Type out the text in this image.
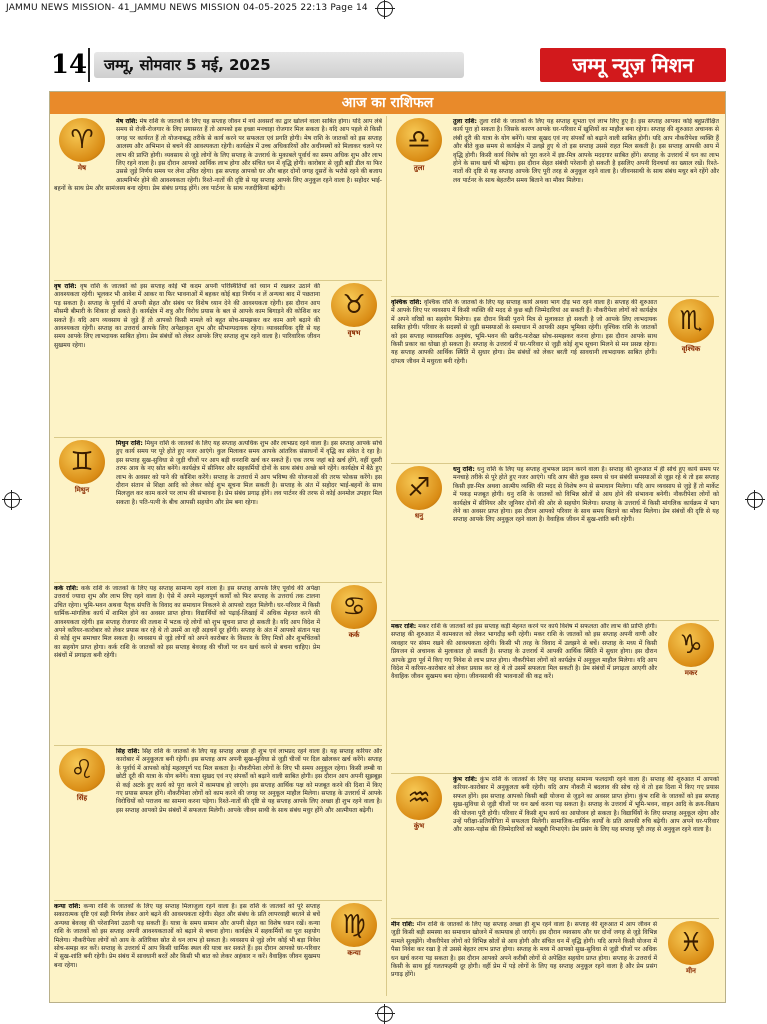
JAMMU NEWS MISSION- 41_JAMMU NEWS MISSION 04-05-2025 22:13 Page 14
14	जम्मू, सोमवार 5 मई, 2025	जम्मू न्यूज़ मिशन
आज का राशिफल
♈
मेष
मेष राशि: मेष राशि के जातकों के लिए यह सप्ताह जीवन में नये अवसरों का द्वार खोलने वाला साबित होगा। यदि आप लंबे समय से रोजी-रोजगार के लिए प्रयासरत हैं तो आपको इस इच्छा मनचाहा रोजगार मिल सकता है। यदि आप पहले से किसी जगह पर कार्यरत हैं तो योजनाबद्ध तरीके से कार्य करने पर सफलता एवं प्रगति होगी। मेष राशि के जातकों को इस सप्ताह आलस्य और अभिमान से बचने की आवश्यकता रहेगी। कार्यक्षेत्र में उच्च अधिकारियों और अधीनस्थों को मिलाकर चलने पर लाभ की प्राप्ति होगी। व्यवसाय से जुड़े लोगों के लिए सप्ताह के उत्तरार्ध के मुकाबले पूर्वार्ध का समय अधिक शुभ और लाभ लिए रहने वाला है। इस दौरान आपको आर्थिक लाभ होगा और संचित धन में वृद्धि होगी। कारोबार से जुड़ी बड़ी डील या फिर उससे जुड़े निर्णय समय पर लेना उचित रहेगा। इस सप्ताह आपको घर और बाहर दोनों जगह दूसरों के भरोसे रहने की बजाय आत्मनिर्भर होने की आवश्यकता रहेगी। रिश्ते-नातों की दृष्टि से यह सप्ताह आपके लिए अनुकूल रहने वाला है। सहोदर भाई-बहनों के साथ प्रेम और सामंजस्य बना रहेगा। प्रेम संबंध प्रगाढ़ होंगे। लव पार्टनर के साथ नजदीकियां बढ़ेंगी।
♉
वृषभ
वृष राशि: वृष राशि के जातकों को इस सप्ताह कोई भी कदम अपनी परिस्थितियों को ध्यान में रखकर उठाने की आवश्यकता रहेगी। भूलकर भी आवेश में आकर या फिर भावनाओं में बहकर कोई बड़ा निर्णय न लें अन्यथा बाद में पछताना पड़ सकता है। सप्ताह के पूर्वार्ध में अपनी सेहत और संबंध पर विशेष ध्यान देने की आवश्यकता रहेगी। इस दौरान आप मौसमी बीमारी के शिकार हो सकते हैं। कार्यक्षेत्र में शत्रु और विरोध प्रयास के बल से आपके काम बिगाड़ने की कोशिश कर सकते हैं। यदि आप व्यवसाय से जुड़े हैं तो आपको किसी मामले को बहुत सोच-समझकर कर काम आगे बढ़ाने की आवश्यकता रहेगी। सप्ताह का उत्तरार्ध आपके लिए अपेक्षाकृत शुभ और सौभाग्यदायक रहेगा। व्यावसायिक दृष्टि से यह समय आपके लिए लाभदायक साबित होगा। प्रेम संबंधों को लेकर आपके लिए सप्ताह शुभ रहने वाला है। पारिवारिक जीवन सुखमय रहेगा।
♊
मिथुन
मिथुन राशि: मिथुन राशि के जातकों के लिए यह सप्ताह अत्यधिक शुभ और लाभप्रद रहने वाला है। इस सप्ताह आपके सोचे हुए कार्य समय पर पूरे होते हुए नजर आएंगे। कुल मिलाकर समय आपके आंतरिक संसाधनों में वृद्धि का संकेत दे रहा है। इस सप्ताह सुख-सुविधा से जुड़ी चीजों पर आप बड़ी धनराशि खर्च कर सकते हैं। एक तरफ जहां बड़े खर्च होंगे, वहीं दूसरी तरफ आय के नए स्रोत बनेंगे। कार्यक्षेत्र में सीनियर और सहकर्मियों दोनों के साथ संबंध अच्छे बने रहेंगे। कार्यक्षेत्र में बैठे हुए लाभ के अवसर को पाने की कोशिश करेंगे। सप्ताह के उत्तरार्ध में आप भविष्य की योजनाओं की तरफ फोकस करेंगे। इस दौरान संतान से शिक्षा आदि को लेकर कोई शुभ सूचना मिल सकती है। सप्ताह के अंत में सहोदर भाई-बहनों के साथ मिलजुल कर काम करने पर लाभ की संभावना है। प्रेम संबंध प्रगाढ़ होंगे। लव पार्टनर की तरफ से कोई अनमोल उपहार मिल सकता है। पति-पत्नी के बीच आपसी सहयोग और प्रेम बना रहेगा।
♋
कर्क
कर्क राशि: कर्क राशि के जातकों के लिए यह सप्ताह सामान्य रहने वाला है। इस सप्ताह आपके लिए पूर्वार्ध की अपेक्षा उत्तरार्ध ज्यादा शुभ और लाभ लिए रहने वाला है। ऐसे में अपने महत्वपूर्ण कार्यों को फिर सप्ताह के उत्तरार्ध तक टालना उचित रहेगा। भूमि-भवन अथवा पैतृक संपत्ति के विवाद का समाधान निकलने से आपको राहत मिलेगी। घर-परिवार में किसी धार्मिक-मांगलिक कार्य में शामिल होने का अवसर प्राप्त होगा। विद्यार्थियों को पढ़ाई-लिखाई में अधिक मेहनत करने की आवश्यकता रहेगी। इस सप्ताह रोजगार की तलाश में भटक रहे लोगों को शुभ सूचना प्राप्त हो सकती है। यदि आप विदेश में अपने करियर-कारोबार को लेकर प्रयास कर रहे थे तो उसमें आ रही अड़चनें दूर होंगी। सप्ताह के अंत में आपको संतान पक्ष से कोई शुभ समाचार मिल सकता है। व्यवसाय से जुड़े लोगों को अपने कारोबार के विस्तार के लिए मित्रों और शुभचिंतकों का सहयोग प्राप्त होगा। कर्क राशि के जातकों को इस सप्ताह बेवजह की चीजों पर धन खर्च करने से बचना चाहिए। प्रेम संबंधों में प्रगाढ़ता बनी रहेगी।
♌
सिंह
सिंह राशि: सिंह राशि के जातकों के लिए यह सप्ताह अच्छा ही शुभ एवं लाभप्रद रहने वाला है। यह सप्ताह करियर और कारोबार में अनुकूलता बनी रहेगी। इस सप्ताह आप अपनी सुख-सुविधा से जुड़ी चीजों पर दिल खोलकर खर्च करेंगे। सप्ताह के पूर्वार्ध में आपको कोई महत्वपूर्ण पद मिल सकता है। नौकरीपेशा लोगों के लिए भी समय अनुकूल रहेगा। किसी लम्बी या छोटी दूरी की यात्रा के योग बनेंगे। यात्रा सुखद एवं नए संपर्कों को बढ़ाने वाली साबित होगी। इस दौरान आप अपनी सूझबूझ से कई अटके हुए कार्य को पूरा करने में कामयाब हो जाएंगे। इस सप्ताह आर्थिक पक्ष को मजबूत करने की दिशा में किए गए प्रयास सफल होंगे। नौकरीपेशा लोगों को काम करने की जगह पर अनुकूल माहौल मिलेगा। सप्ताह के उत्तरार्ध में आपके विरोधियों को पराजय का सामना करना पड़ेगा। रिश्ते-नातों की दृष्टि से यह सप्ताह आपके लिए अच्छा ही शुभ रहने वाला है। इस सप्ताह आपको प्रेम संबंधों में सफलता मिलेगी। आपके जीवन साथी के साथ संबंध मधुर होंगे और आत्मीयता बढ़ेगी।
♍
कन्या
कन्या राशि: कन्या राशि के जातकों के लिए यह सप्ताह मिलाजुला रहने वाला है। इस राशि के जातकों को पूरे सप्ताह सकारात्मक दृष्टि एवं सही निर्णय लेकर आगे बढ़ने की आवश्यकता रहेगी। सेहत और संबंध के प्रति लापरवाही बरतने से बचें अन्यथा बेवजह की परेशानियां उठानी पड़ सकती हैं। यात्रा के समय सामान और अपनी सेहत का विशेष ध्यान रखें। कन्या राशि के जातकों को इस सप्ताह अपनी आवश्यकताओं को बढ़ाने से बचना होगा। कार्यक्षेत्र में सहकर्मियों का पूरा सहयोग मिलेगा। नौकरीपेशा लोगों को आय के अतिरिक्त स्रोत से धन लाभ हो सकता है। व्यवसाय से जुड़े लोग कोई भी बड़ा निवेश सोच-समझ कर करें। सप्ताह के उत्तरार्ध में आप किसी धार्मिक स्थल की यात्रा कर सकते हैं। इस दौरान आपको घर-परिवार में सुख-शांति बनी रहेगी। प्रेम संबंध में सावधानी बरतें और किसी भी बात को लेकर अहंकार न करें। वैवाहिक जीवन सुखमय बना रहेगा।
♎
तुला
तुला राशि: तुला राशि के जातकों के लिए यह सप्ताह शुभता एवं लाभ लिए हुए है। इस सप्ताह आपका कोई बहुप्रतीक्षित कार्य पूरा हो सकता है। जिसके कारण आपके घर-परिवार में खुशियों का माहौल बना रहेगा। सप्ताह की शुरुआत अचानक से लंबी दूरी की यात्रा के योग बनेंगे। यात्रा सुखद एवं नए संपर्कों को बढ़ाने वाली साबित होगी। यदि आप नौकरीपेशा व्यक्ति हैं और बीते कुछ समय से कार्यक्षेत्र में उलझे हुए थे तो इस सप्ताह उससे राहत मिल सकती है। इस सप्ताह आपकी आय में वृद्धि होगी। किसी कार्य विशेष को पूरा करने में इष्ट-मित्र आपके मददगार साबित होंगे। सप्ताह के उत्तरार्ध में धन का लाभ होने के साथ खर्च भी बढ़ेगा। इस दौरान सेहत संबंधी परेशानी हो सकती है इसलिए अपनी दिनचर्या का ख्याल रखें। रिश्ते-नातों की दृष्टि से यह सप्ताह आपके लिए पूरी तरह से अनुकूल रहने वाला है। जीवनसाथी के साथ संबंध मधुर बने रहेंगे और लव पार्टनर के साथ बेहतरीन समय बिताने का मौका मिलेगा।
♏
वृश्चिक
वृश्चिक राशि: वृश्चिक राशि के जातकों के लिए यह सप्ताह कार्य अथवा भाग दौड़ भरा रहने वाला है। सप्ताह की शुरुआत में आपके लिए पर व्यवसाय में किसी व्यक्ति की मदद से कुछ बड़ी जिम्मेदारियां आ सकती हैं। नौकरीपेशा लोगों को कार्यक्षेत्र में अपने वरिष्ठों का सहयोग मिलेगा। इस दौरान किसी पुराने मित्र से मुलाकात हो सकती है जो आपके लिए लाभदायक साबित होगी। परिवार के सदस्यों से जुड़ी समस्याओं के समाधान में आपकी अहम भूमिका रहेगी। वृश्चिक राशि के जातकों को इस सप्ताह व्यावसायिक अनुबंध, भूमि-भवन की खरीद-फरोख्त सोच-समझकर करना होगा। इस दौरान आपके साथ किसी प्रकार का धोखा हो सकता है। सप्ताह के उत्तरार्ध में घर-परिवार से जुड़ी कोई शुभ सूचना मिलने से मन प्रसन्न रहेगा। यह सप्ताह आपकी आर्थिक स्थिति में सुधार होगा। प्रेम संबंधों को लेकर बरती गई सावधानी लाभदायक साबित होगी। दांपत्य जीवन में मधुरता बनी रहेगी।
♐
धनु
धनु राशि: धनु राशि के लिए यह सप्ताह शुभफल प्रदान करने वाला है। सप्ताह की शुरुआत में ही सोचे हुए कार्य समय पर मनचाहे तरीके से पूरे होते हुए नजर आएंगे। यदि आप बीते कुछ समय से धन संबंधी समस्याओं से जूझ रहे थे तो इस सप्ताह किसी इष्ट-मित्र अथवा आत्मीय व्यक्ति की मदद से विशेष रूप से समाधान मिलेगा। यदि आप व्यवसाय से जुड़े हैं तो मार्केट में पकड़ मजबूत होगी। धनु राशि के जातकों को विभिन्न स्रोतों से आय होने की संभावना बनेगी। नौकरीपेशा लोगों को कार्यक्षेत्र में सीनियर और जूनियर दोनों की ओर से सहयोग मिलेगा। सप्ताह के उत्तरार्ध में किसी मांगलिक कार्यक्रम में भाग लेने का अवसर प्राप्त होगा। इस दौरान आपको परिवार के साथ समय बिताने का मौका मिलेगा। प्रेम संबंधों की दृष्टि से यह सप्ताह आपके लिए अनुकूल रहने वाला है। वैवाहिक जीवन में सुख-शांति बनी रहेगी।
♑
मकर
मकर राशि: मकर राशि के जातकों को इस सप्ताह कड़ी मेहनत करने पर कार्य विशेष में सफलता और लाभ की प्राप्ति होगी। सप्ताह की शुरुआत में कामकाज को लेकर भागदौड़ बनी रहेगी। मकर राशि के जातकों को इस सप्ताह अपनी वाणी और व्यवहार पर संयम रखने की आवश्यकता रहेगी। किसी भी तरह के विवाद में उलझने से बचें। सप्ताह के मध्य में किसी प्रियजन से अचानक से मुलाकात हो सकती है। सप्ताह के उत्तरार्ध में आपकी आर्थिक स्थिति में सुधार होगा। इस दौरान आपके द्वारा पूर्व में किए गए निवेश से लाभ प्राप्त होगा। नौकरीपेशा लोगों को कार्यक्षेत्र में अनुकूल माहौल मिलेगा। यदि आप विदेश में करियर-कारोबार को लेकर प्रयास कर रहे थे तो उसमें सफलता मिल सकती है। प्रेम संबंधों में प्रगाढ़ता आएगी और वैवाहिक जीवन सुखमय बना रहेगा। जीवनसाथी की भावनाओं की कद्र करें।
♒
कुंभ
कुंभ राशि: कुंभ राशि के जातकों के लिए यह सप्ताह सामान्य फलदायी रहने वाला है। सप्ताह की शुरुआत में आपको करियर-कारोबार में अनुकूलता बनी रहेगी। यदि आप नौकरी में बदलाव की सोच रहे थे तो इस दिशा में किए गए प्रयास सफल होंगे। इस सप्ताह आपको किसी बड़ी योजना से जुड़ने का अवसर प्राप्त होगा। कुंभ राशि के जातकों को इस सप्ताह सुख-सुविधा से जुड़ी चीजों पर धन खर्च करना पड़ सकता है। सप्ताह के उत्तरार्ध में भूमि-भवन, वाहन आदि के क्रय-विक्रय की योजना पूरी होगी। परिवार में किसी शुभ कार्य का आयोजन हो सकता है। विद्यार्थियों के लिए सप्ताह अनुकूल रहेगा और उन्हें परीक्षा-प्रतियोगिता में सफलता मिलेगी। सामाजिक-धार्मिक कार्यों के प्रति आपकी रुचि बढ़ेगी। आप अपने घर-परिवार और आस-पड़ोस की जिम्मेदारियों को बखूबी निभाएंगे। प्रेम प्रसंग के लिए यह सप्ताह पूरी तरह से अनुकूल रहने वाला है।
♓
मीन
मीन राशि: मीन राशि के जातकों के लिए यह सप्ताह अच्छा ही शुभ रहने वाला है। सप्ताह की शुरुआत में आप जीवन से जुड़ी किसी बड़ी समस्या का समाधान खोजने में कामयाब हो जाएंगे। इस दौरान व्यवसाय और घर दोनों जगह से जुड़े विभिन्न मामले सुलझेंगे। नौकरीपेशा लोगों को विभिन्न स्रोतों से आय होगी और संचित धन में वृद्धि होगी। यदि आपने किसी योजना में पैसा निवेश कर रखा है तो उससे बेहतर लाभ प्राप्त होगा। सप्ताह के मध्य में आपको सुख-सुविधा से जुड़ी चीजों पर अधिक धन खर्च करना पड़ सकता है। इस दौरान आपको अपने करीबी लोगों से अपेक्षित सहयोग प्राप्त होगा। सप्ताह के उत्तरार्ध में किसी के साथ हुई गलतफहमी दूर होगी। वहीं प्रेम में पड़े लोगों के लिए यह सप्ताह अनुकूल रहने वाला है और प्रेम प्रसंग प्रगाढ़ होंगे।
